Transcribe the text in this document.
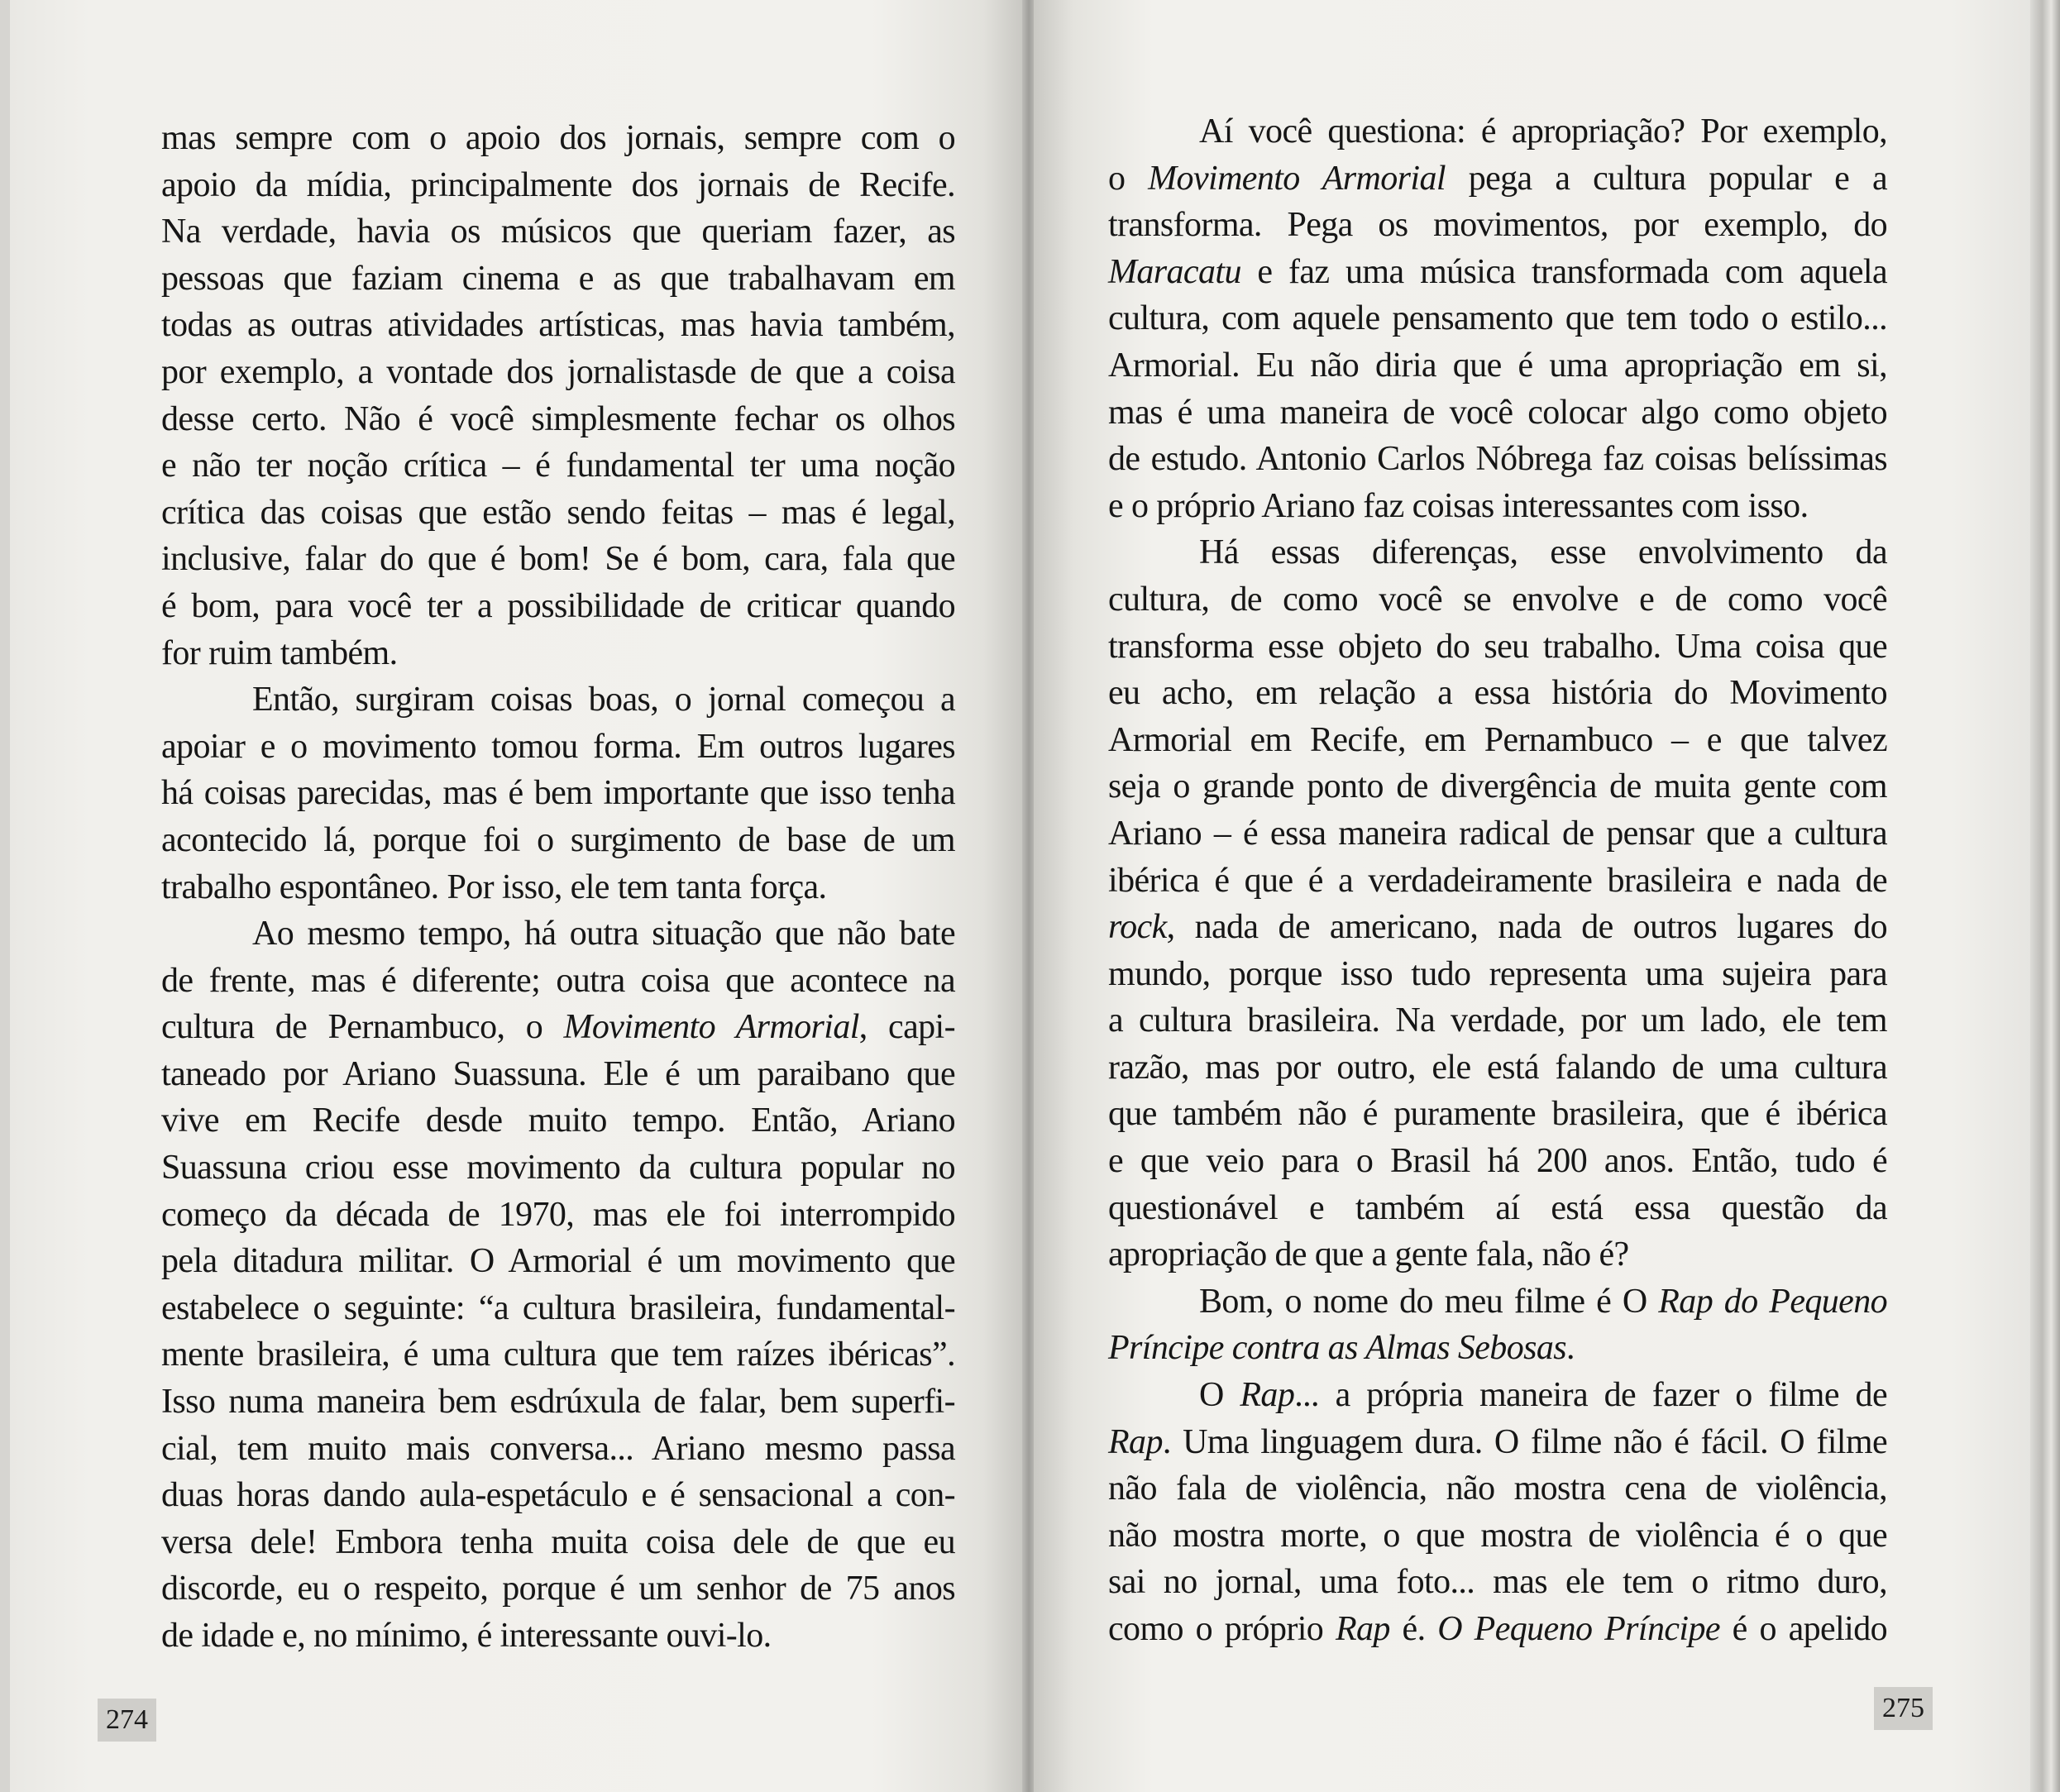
mas sempre com o apoio dos jornais, sempre com o
apoio da mídia, principalmente dos jornais de Recife.
Na verdade, havia os músicos que queriam fazer, as
pessoas que faziam cinema e as que trabalhavam em
todas as outras atividades artísticas, mas havia também,
por exemplo, a vontade dos jornalistasde de que a coisa
desse certo. Não é você simplesmente fechar os olhos
e não ter noção crítica – é fundamental ter uma noção
crítica das coisas que estão sendo feitas – mas é legal,
inclusive, falar do que é bom! Se é bom, cara, fala que
é bom, para você ter a possibilidade de criticar quando
for ruim também.

Então, surgiram coisas boas, o jornal começou a
apoiar e o movimento tomou forma. Em outros lugares
há coisas parecidas, mas é bem importante que isso tenha
acontecido lá, porque foi o surgimento de base de um
trabalho espontâneo. Por isso, ele tem tanta força.

Ao mesmo tempo, há outra situação que não bate
de frente, mas é diferente; outra coisa que acontece na
cultura de Pernambuco, o Movimento Armorial, capi-
taneado por Ariano Suassuna. Ele é um paraibano que
vive em Recife desde muito tempo. Então, Ariano
Suassuna criou esse movimento da cultura popular no
começo da década de 1970, mas ele foi interrompido
pela ditadura militar. O Armorial é um movimento que
estabelece o seguinte: “a cultura brasileira, fundamental-
mente brasileira, é uma cultura que tem raízes ibéricas”.
Isso numa maneira bem esdrúxula de falar, bem superfi-
cial, tem muito mais conversa... Ariano mesmo passa
duas horas dando aula-espetáculo e é sensacional a con-
versa dele! Embora tenha muita coisa dele de que eu
discorde, eu o respeito, porque é um senhor de 75 anos
de idade e, no mínimo, é interessante ouvi-lo.

274

Aí você questiona: é apropriação? Por exemplo,
o Movimento Armorial pega a cultura popular e a
transforma. Pega os movimentos, por exemplo, do
Maracatu e faz uma música transformada com aquela
cultura, com aquele pensamento que tem todo o estilo...
Armorial. Eu não diria que é uma apropriação em si,
mas é uma maneira de você colocar algo como objeto
de estudo. Antonio Carlos Nóbrega faz coisas belíssimas
e o próprio Ariano faz coisas interessantes com isso.

Há essas diferenças, esse envolvimento da
cultura, de como você se envolve e de como você
transforma esse objeto do seu trabalho. Uma coisa que
eu acho, em relação a essa história do Movimento
Armorial em Recife, em Pernambuco – e que talvez
seja o grande ponto de divergência de muita gente com
Ariano – é essa maneira radical de pensar que a cultura
ibérica é que é a verdadeiramente brasileira e nada de
rock, nada de americano, nada de outros lugares do
mundo, porque isso tudo representa uma sujeira para
a cultura brasileira. Na verdade, por um lado, ele tem
razão, mas por outro, ele está falando de uma cultura
que também não é puramente brasileira, que é ibérica
e que veio para o Brasil há 200 anos. Então, tudo é
questionável e também aí está essa questão da
apropriação de que a gente fala, não é?

Bom, o nome do meu filme é O Rap do Pequeno
Príncipe contra as Almas Sebosas.

O Rap... a própria maneira de fazer o filme de
Rap. Uma linguagem dura. O filme não é fácil. O filme
não fala de violência, não mostra cena de violência,
não mostra morte, o que mostra de violência é o que
sai no jornal, uma foto... mas ele tem o ritmo duro,
como o próprio Rap é. O Pequeno Príncipe é o apelido

275
